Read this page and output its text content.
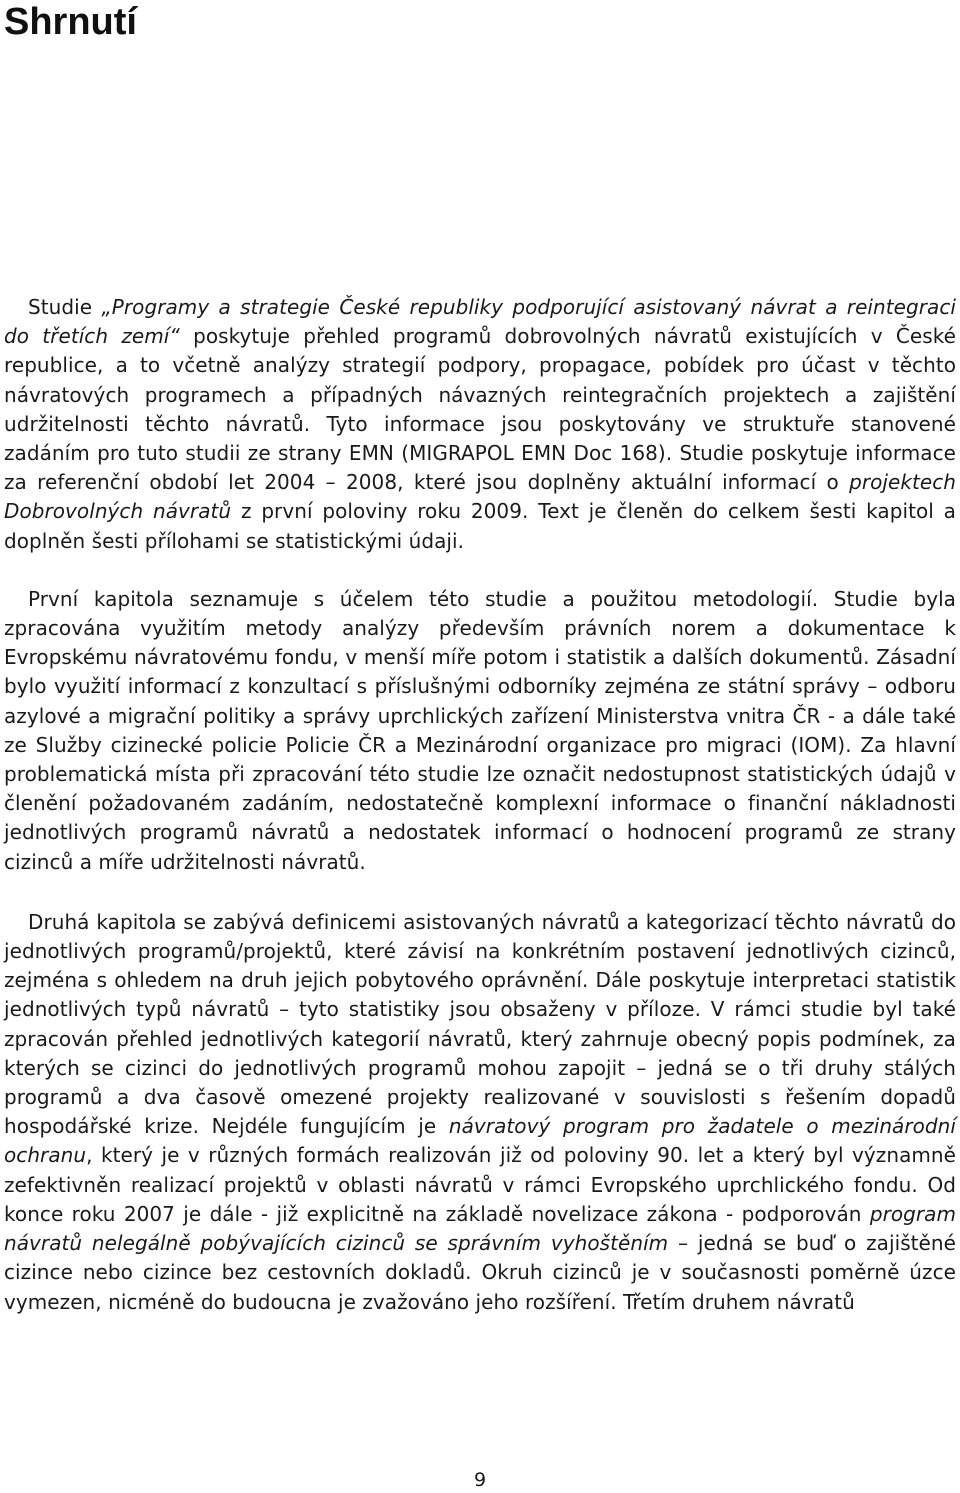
Shrnutí

Studie „Programy a strategie České republiky podporující asistovaný návrat a reintegraci do třetích zemí“ poskytuje přehled programů dobrovolných návratů existujících v České republice, a to včetně analýzy strategií podpory, propagace, pobídek pro účast v těchto návratových programech a případných návazných reintegračních projektech a zajištění udržitelnosti těchto návratů. Tyto informace jsou poskytovány ve struktuře stanovené zadáním pro tuto studii ze strany EMN (MIGRAPOL EMN Doc 168). Studie poskytuje informace za referenční období let 2004 – 2008, které jsou doplněny aktuální informací o projektech Dobrovolných návratů z první poloviny roku 2009. Text je členěn do celkem šesti kapitol a doplněn šesti přílohami se statistickými údaji.

První kapitola seznamuje s účelem této studie a použitou metodologií. Studie byla zpracována využitím metody analýzy především právních norem a dokumentace k Evropskému návratovému fondu, v menší míře potom i statistik a dalších dokumentů. Zásadní bylo využití informací z konzultací s příslušnými odborníky zejména ze státní správy – odboru azylové a migrační politiky a správy uprchlických zařízení Ministerstva vnitra ČR - a dále také ze Služby cizinecké policie Policie ČR a Mezinárodní organizace pro migraci (IOM). Za hlavní problematická místa při zpracování této studie lze označit nedostupnost statistických údajů v členění požadovaném zadáním, nedostatečně komplexní informace o finanční nákladnosti jednotlivých programů návratů a nedostatek informací o hodnocení programů ze strany cizinců a míře udržitelnosti návratů.

Druhá kapitola se zabývá definicemi asistovaných návratů a kategorizací těchto návratů do jednotlivých programů/projektů, které závisí na konkrétním postavení jednotlivých cizinců, zejména s ohledem na druh jejich pobytového oprávnění. Dále poskytuje interpretaci statistik jednotlivých typů návratů – tyto statistiky jsou obsaženy v příloze. V rámci studie byl také zpracován přehled jednotlivých kategorií návratů, který zahrnuje obecný popis podmínek, za kterých se cizinci do jednotlivých programů mohou zapojit – jedná se o tři druhy stálých programů a dva časově omezené projekty realizované v souvislosti s řešením dopadů hospodářské krize. Nejdéle fungujícím je návratový program pro žadatele o mezinárodní ochranu, který je v různých formách realizován již od poloviny 90. let a který byl významně zefektivněn realizací projektů v oblasti návratů v rámci Evropského uprchlického fondu. Od konce roku 2007 je dále - již explicitně na základě novelizace zákona - podporován program návratů nelegálně pobývajících cizinců se správním vyhoštěním – jedná se buď o zajištěné cizince nebo cizince bez cestovních dokladů. Okruh cizinců je v současnosti poměrně úzce vymezen, nicméně do budoucna je zvažováno jeho rozšíření. Třetím druhem návratů

9
